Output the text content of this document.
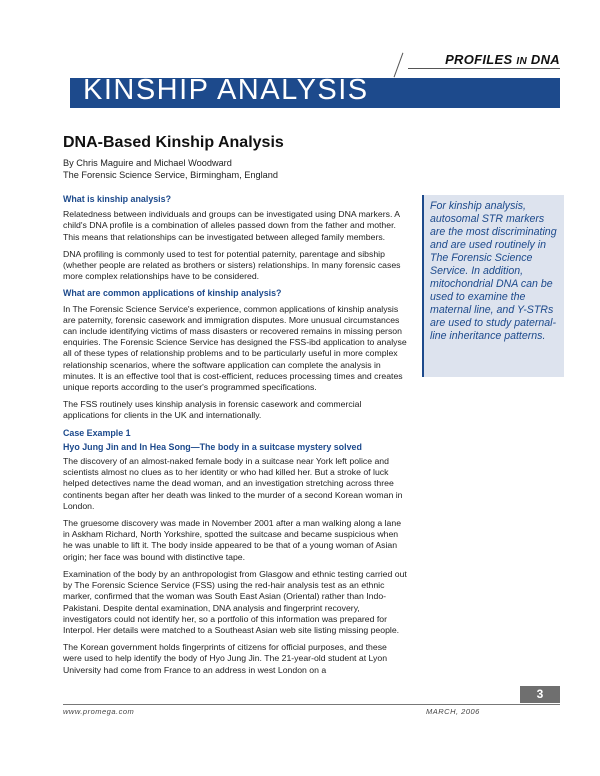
PROFILES IN DNA
KINSHIP ANALYSIS
DNA-Based Kinship Analysis
By Chris Maguire and Michael Woodward
The Forensic Science Service, Birmingham, England
What is kinship analysis?

Relatedness between individuals and groups can be investigated using DNA markers. A child's DNA profile is a combination of alleles passed down from the father and mother. This means that relationships can be investigated between alleged family members.

DNA profiling is commonly used to test for potential paternity, parentage and sibship (whether people are related as brothers or sisters) relationships. In many forensic cases more complex relationships have to be considered.

What are common applications of kinship analysis?

In The Forensic Science Service's experience, common applications of kinship analysis are paternity, forensic casework and immigration disputes. More unusual circumstances can include identifying victims of mass disasters or recovered remains in missing person enquiries. The Forensic Science Service has designed the FSS-ibd application to analyse all of these types of relationship problems and to be particularly useful in more complex relationship scenarios, where the software application can complete the analysis in minutes. It is an effective tool that is cost-efficient, reduces processing times and creates unique reports according to the user's programmed specifications.

The FSS routinely uses kinship analysis in forensic casework and commercial applications for clients in the UK and internationally.

Case Example 1
Hyo Jung Jin and In Hea Song—The body in a suitcase mystery solved

The discovery of an almost-naked female body in a suitcase near York left police and scientists almost no clues as to her identity or who had killed her. But a stroke of luck helped detectives name the dead woman, and an investigation stretching across three continents began after her death was linked to the murder of a second Korean woman in London.

The gruesome discovery was made in November 2001 after a man walking along a lane in Askham Richard, North Yorkshire, spotted the suitcase and became suspicious when he was unable to lift it. The body inside appeared to be that of a young woman of Asian origin; her face was bound with distinctive tape.

Examination of the body by an anthropologist from Glasgow and ethnic testing carried out by The Forensic Science Service (FSS) using the red-hair analysis test as an ethnic marker, confirmed that the woman was South East Asian (Oriental) rather than Indo-Pakistani. Despite dental examination, DNA analysis and fingerprint recovery, investigators could not identify her, so a portfolio of this information was prepared for Interpol. Her details were matched to a Southeast Asian web site listing missing people.

The Korean government holds fingerprints of citizens for official purposes, and these were used to help identify the body of Hyo Jung Jin. The 21-year-old student at Lyon University had come from France to an address in west London on a

For kinship analysis, autosomal STR markers are the most discriminating and are used routinely in The Forensic Science Service. In addition, mitochondrial DNA can be used to examine the maternal line, and Y-STRs are used to study paternal-line inheritance patterns.
3
www.promega.com	MARCH, 2006
